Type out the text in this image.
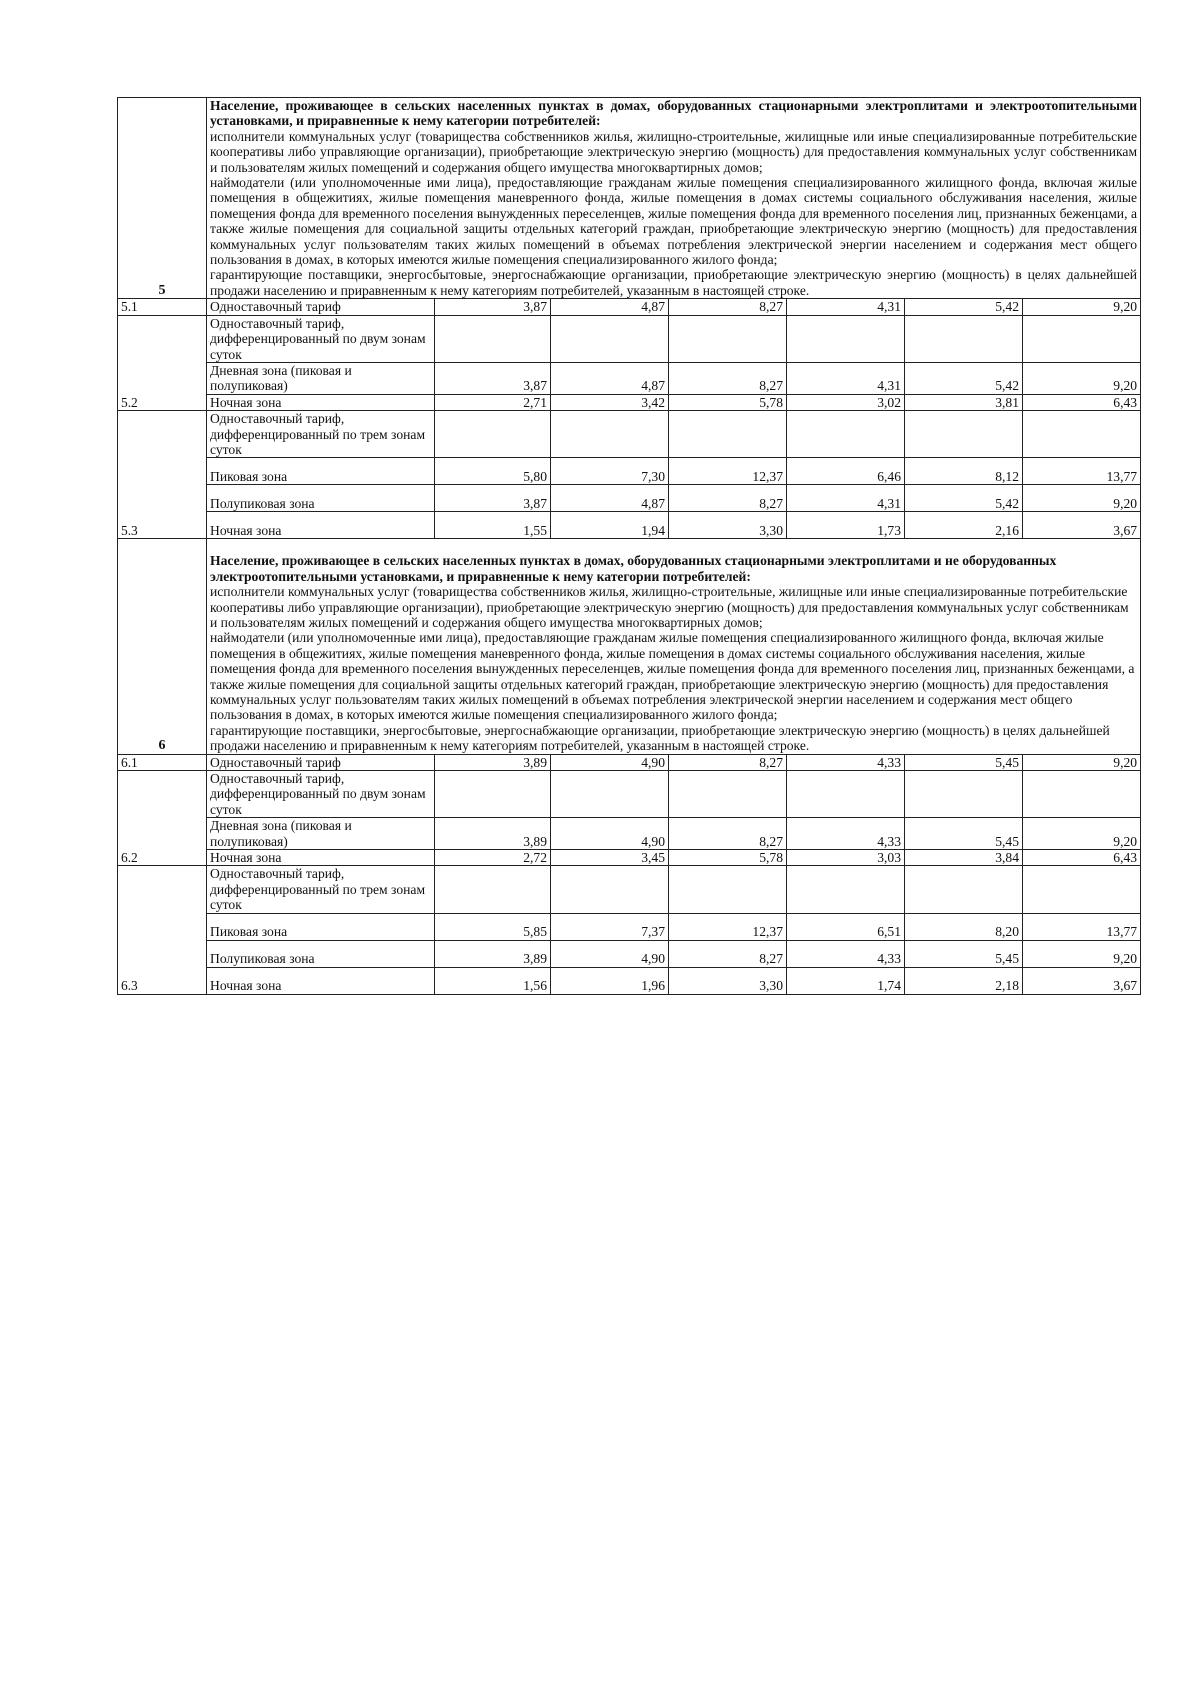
5	Население, проживающее в сельских населенных пунктах в домах, оборудованных стационарными электроплитами и электроотопительными установками, и приравненные к нему категории потребителей:

исполнители коммунальных услуг (товарищества собственников жилья, жилищно-строительные, жилищные или иные специализированные потребительские кооперативы либо управляющие организации), приобретающие электрическую энергию (мощность) для предоставления коммунальных услуг собственникам и пользователям жилых помещений и содержания общего имущества многоквартирных домов;

наймодатели (или уполномоченные ими лица), предоставляющие гражданам жилые помещения специализированного жилищного фонда, включая жилые помещения в общежитиях, жилые помещения маневренного фонда, жилые помещения в домах системы социального обслуживания населения, жилые помещения фонда для временного поселения вынужденных переселенцев, жилые помещения фонда для временного поселения лиц, признанных беженцами, а также жилые помещения для социальной защиты отдельных категорий граждан, приобретающие электрическую энергию (мощность) для предоставления коммунальных услуг пользователям таких жилых помещений в объемах потребления электрической энергии населением и содержания мест общего пользования в домах, в которых имеются жилые помещения специализированного жилого фонда;

гарантирующие поставщики, энергосбытовые, энергоснабжающие организации, приобретающие электрическую энергию (мощность) в целях дальнейшей продажи населению и приравненным к нему категориям потребителей, указанным в настоящей строке.						

5.1	Одноставочный тариф	3,87	4,87	8,27	4,31	5,42	9,20
5.2	Одноставочный тариф, дифференцированный по двум зонам суток						
	Дневная зона (пиковая и полупиковая)	3,87	4,87	8,27	4,31	5,42	9,20
	Ночная зона	2,71	3,42	5,78	3,02	3,81	6,43
5.3	Одноставочный тариф, дифференцированный по трем зонам суток						
	Пиковая зона	5,80	7,30	12,37	6,46	8,12	13,77
	Полупиковая зона	3,87	4,87	8,27	4,31	5,42	9,20
	Ночная зона	1,55	1,94	3,30	1,73	2,16	3,67
6	Население, проживающее в сельских населенных пунктах в домах, оборудованных стационарными электроплитами и не оборудованных электроотопительными установками, и приравненные к нему категории потребителей:

исполнители коммунальных услуг (товарищества собственников жилья, жилищно-строительные, жилищные или иные специализированные потребительские кооперативы либо управляющие организации), приобретающие электрическую энергию (мощность) для предоставления коммунальных услуг собственникам и пользователям жилых помещений и содержания общего имущества многоквартирных домов;

наймодатели (или уполномоченные ими лица), предоставляющие гражданам жилые помещения специализированного жилищного фонда, включая жилые помещения в общежитиях, жилые помещения маневренного фонда, жилые помещения в домах системы социального обслуживания населения, жилые помещения фонда для временного поселения вынужденных переселенцев, жилые помещения фонда для временного поселения лиц, признанных беженцами, а также жилые помещения для социальной защиты отдельных категорий граждан, приобретающие электрическую энергию (мощность) для предоставления коммунальных услуг пользователям таких жилых помещений в объемах потребления электрической энергии населением и содержания мест общего пользования в домах, в которых имеются жилые помещения специализированного жилого фонда;

гарантирующие поставщики, энергосбытовые, энергоснабжающие организации, приобретающие электрическую энергию (мощность) в целях дальнейшей продажи населению и приравненным к нему категориям потребителей, указанным в настоящей строке.						

6.1	Одноставочный тариф	3,89	4,90	8,27	4,33	5,45	9,20
6.2	Одноставочный тариф, дифференцированный по двум зонам суток						
	Дневная зона (пиковая и полупиковая)	3,89	4,90	8,27	4,33	5,45	9,20
	Ночная зона	2,72	3,45	5,78	3,03	3,84	6,43
6.3	Одноставочный тариф, дифференцированный по трем зонам суток						
	Пиковая зона	5,85	7,37	12,37	6,51	8,20	13,77
	Полупиковая зона	3,89	4,90	8,27	4,33	5,45	9,20
	Ночная зона	1,56	1,96	3,30	1,74	2,18	3,67
